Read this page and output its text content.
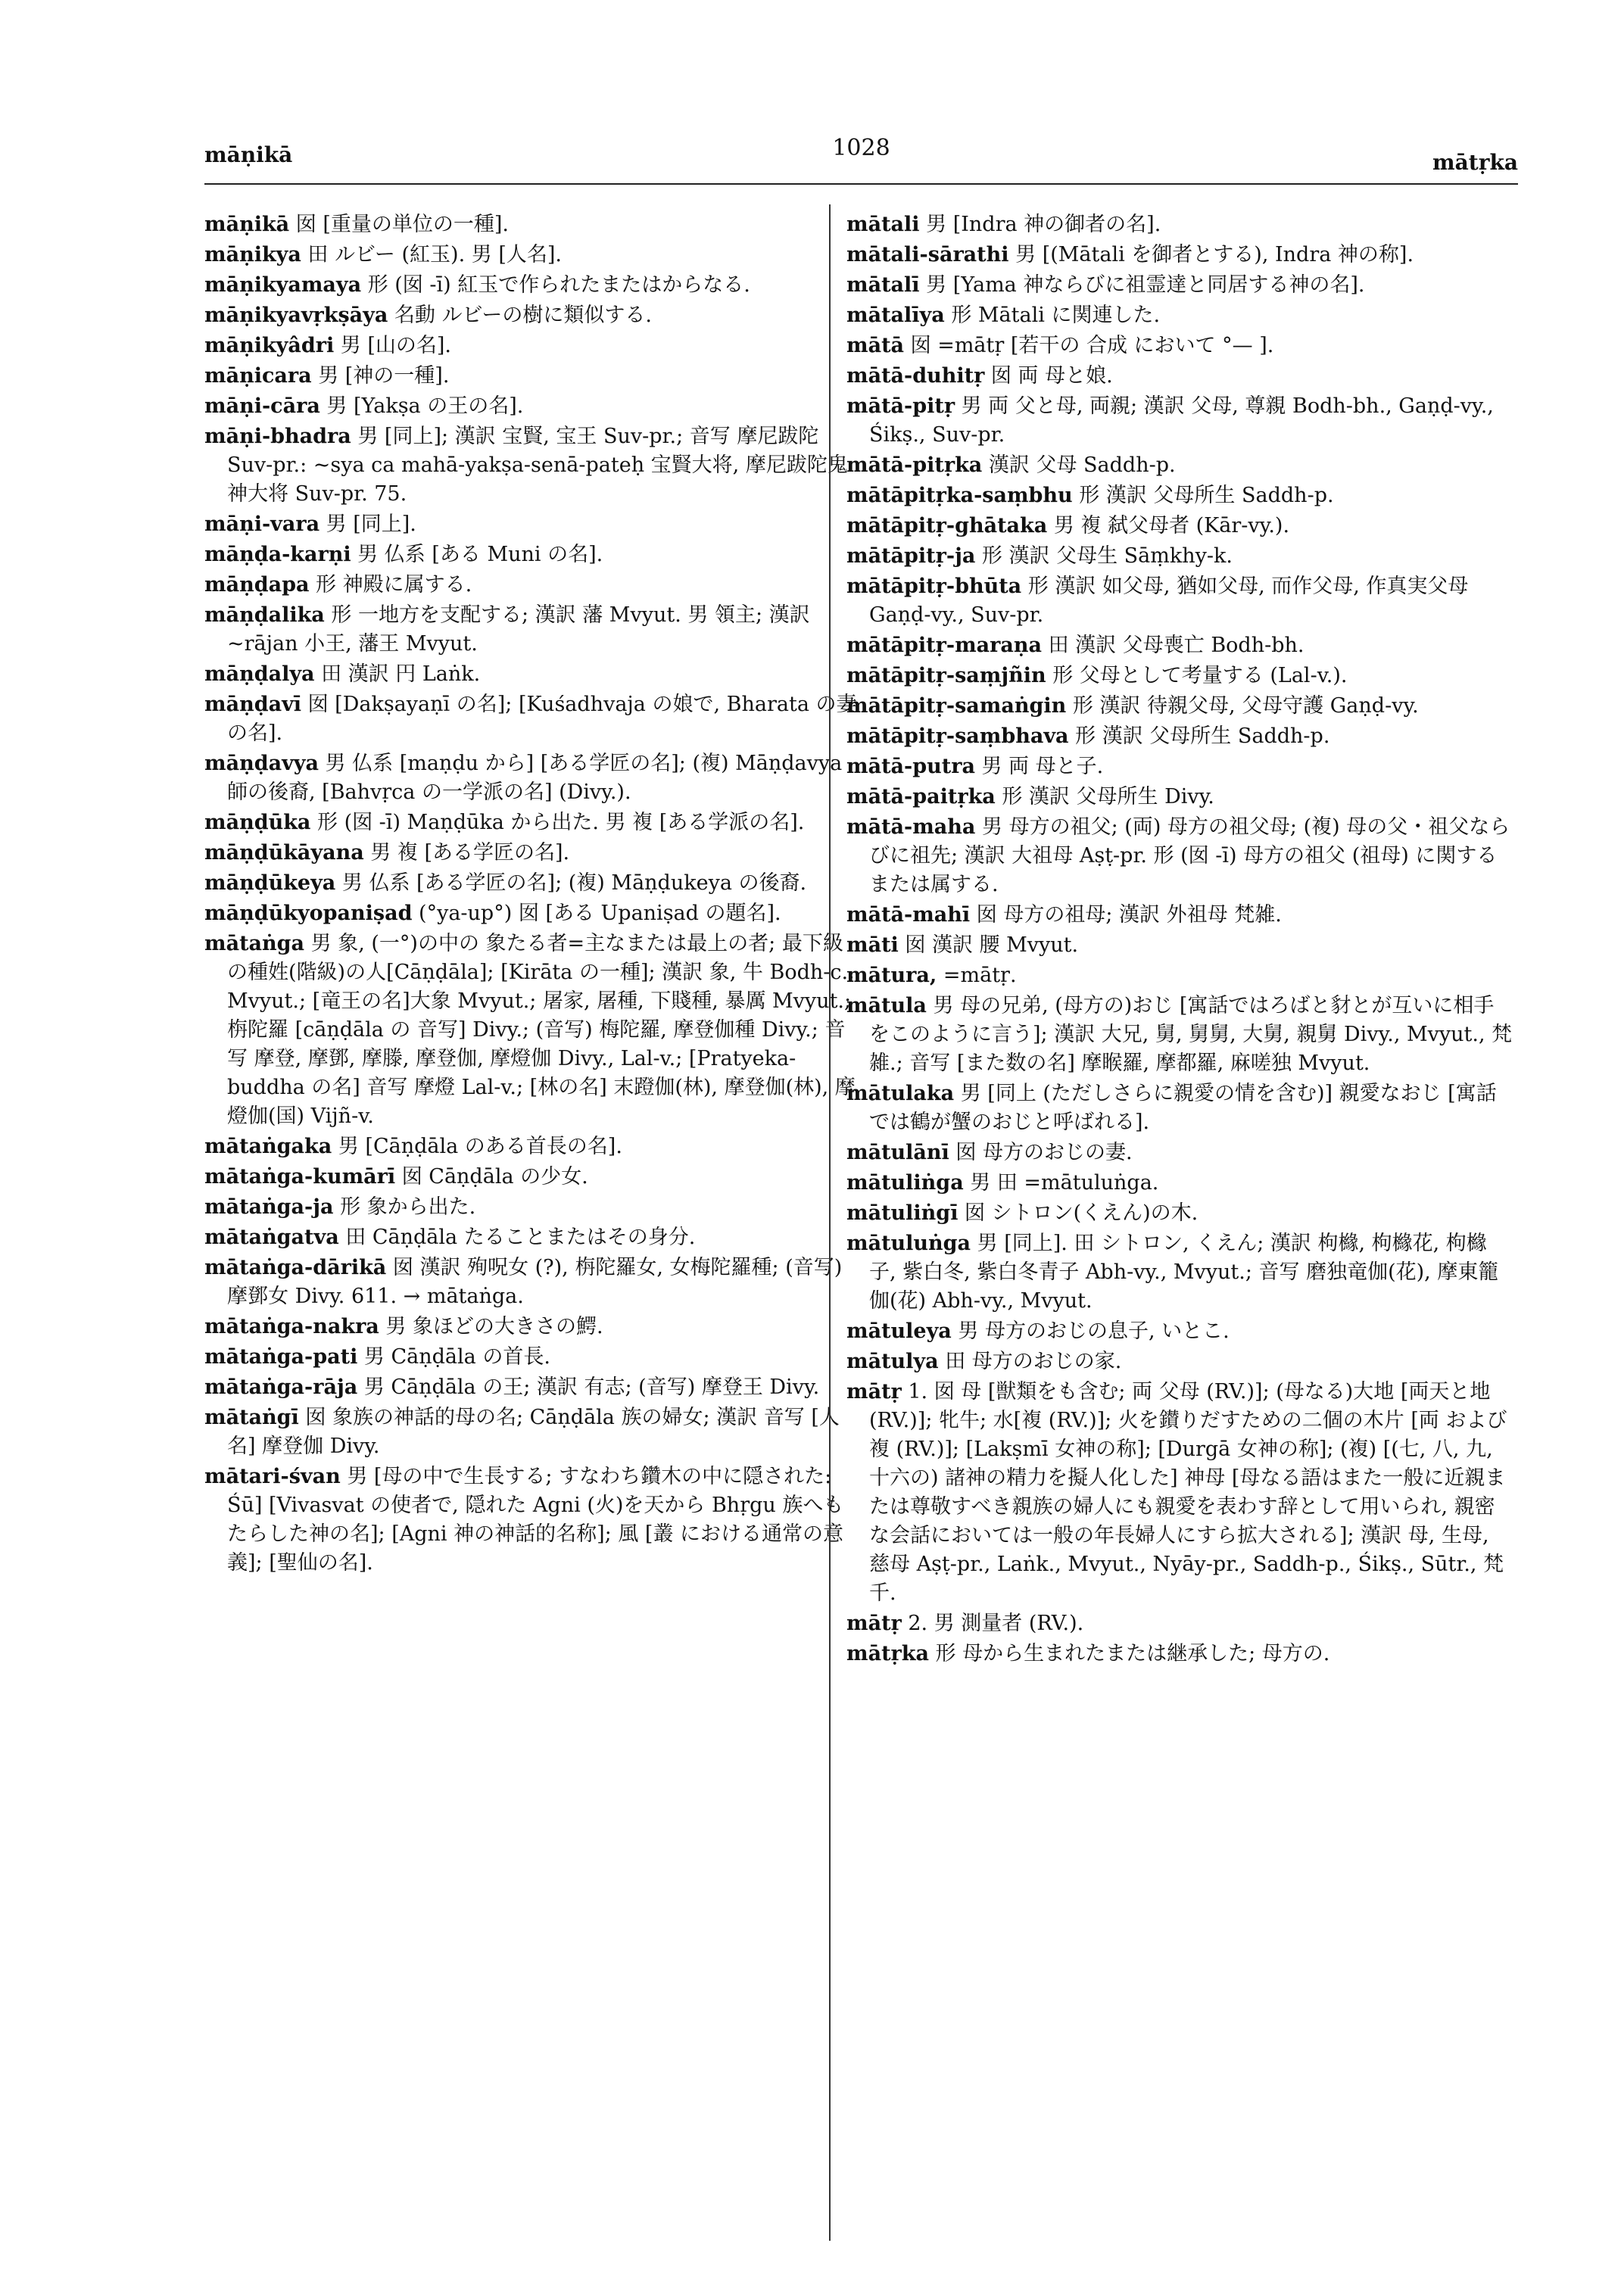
māṇikā	1028
mātṛka
māṇikā 囡 [重量の単位の一種].
māṇikya 田 ルビー (紅玉). 男 [人名].
māṇikyamaya 形 (囡 -ī) 紅玉で作られたまたはからなる.
māṇikyavṛkṣāya 名動 ルビーの樹に類似する.
māṇikyâdri 男 [山の名].
māṇicara 男 [神の一種].
māṇi-cāra 男 [Yakṣa の王の名].
māṇi-bhadra 男 [同上]; 漢訳 宝賢, 宝王 Suv-pr.; 音写 摩尼跋陀 Suv-pr.: ~sya ca mahā-yakṣa-senā-pateḥ 宝賢大将, 摩尼跋陀鬼神大将 Suv-pr. 75.
māṇi-vara 男 [同上].
māṇḍa-karṇi 男 仏系 [ある Muni の名].
māṇḍapa 形 神殿に属する.
māṇḍalika 形 一地方を支配する; 漢訳 藩 Mvyut. 男 領主; 漢訳 ~rājan 小王, 藩王 Mvyut.
māṇḍalya 田 漢訳 円 Laṅk.
māṇḍavī 囡 [Dakṣayaṇī の名]; [Kuśadhvaja の娘で, Bharata の妻の名].
māṇḍavya 男 仏系 [maṇḍu から] [ある学匠の名]; (複) Māṇḍavya 師の後裔, [Bahvṛca の一学派の名] (Divy.).
māṇḍūka 形 (囡 -ī) Maṇḍūka から出た. 男 複 [ある学派の名].
māṇḍūkāyana 男 複 [ある学匠の名].
māṇḍūkeya 男 仏系 [ある学匠の名]; (複) Māṇḍukeya の後裔.
māṇḍūkyopaniṣad (°ya-up°) 囡 [ある Upaniṣad の題名].
mātaṅga 男 象, (一°)の中の 象たる者=主なまたは最上の者; 最下級の種姓(階級)の人[Cāṇḍāla]; [Kirāta の一種]; 漢訳 象, 牛 Bodh-c., Mvyut.; [竜王の名]大象 Mvyut.; 屠家, 屠種, 下賤種, 暴厲 Mvyut.; 栴陀羅 [cāṇḍāla の 音写] Divy.; (音写) 梅陀羅, 摩登伽種 Divy.; 音写 摩登, 摩鄧, 摩滕, 摩登伽, 摩燈伽 Divy., Lal-v.; [Pratyeka-buddha の名] 音写 摩燈 Lal-v.; [林の名] 末蹬伽(林), 摩登伽(林), 摩燈伽(国) Vijñ-v.
mātaṅgaka 男 [Cāṇḍāla のある首長の名].
mātaṅga-kumārī 囡 Cāṇḍāla の少女.
mātaṅga-ja 形 象から出た.
mātaṅgatva 田 Cāṇḍāla たることまたはその身分.
mātaṅga-dārikā 囡 漢訳 殉呪女 (?), 栴陀羅女, 女梅陀羅種; (音写) 摩鄧女 Divy. 611. → mātaṅga.
mātaṅga-nakra 男 象ほどの大きさの鰐.
mātaṅga-pati 男 Cāṇḍāla の首長.
mātaṅga-rāja 男 Cāṇḍāla の王; 漢訳 有志; (音写) 摩登王 Divy.
mātaṅgī 囡 象族の神話的母の名; Cāṇḍāla 族の婦女; 漢訳 音写 [人名] 摩登伽 Divy.
mātari-śvan 男 [母の中で生長する; すなわち鑽木の中に隠された: Śū] [Vivasvat の使者で, 隠れた Agni (火)を天から Bhṛgu 族へもたらした神の名]; [Agni 神の神話的名称]; 風 [叢 における通常の意義]; [聖仙の名].
mātali 男 [Indra 神の御者の名].
mātali-sārathi 男 [(Mātali を御者とする), Indra 神の称].
mātalī 男 [Yama 神ならびに祖霊達と同居する神の名].
mātalīya 形 Mātali に関連した.
mātā 囡 =mātṛ [若干の 合成 において °— ].
mātā-duhitṛ 囡 両 母と娘.
mātā-pitṛ 男 両 父と母, 両親; 漢訳 父母, 尊親 Bodh-bh., Gaṇḍ-vy., Śikṣ., Suv-pr.
mātā-pitṛka 漢訳 父母 Saddh-p.
mātāpitṛka-saṃbhu 形 漢訳 父母所生 Saddh-p.
mātāpitṛ-ghātaka 男 複 弑父母者 (Kār-vy.).
mātāpitṛ-ja 形 漢訳 父母生 Sāṃkhy-k.
mātāpitṛ-bhūta 形 漢訳 如父母, 猶如父母, 而作父母, 作真実父母 Gaṇḍ-vy., Suv-pr.
mātāpitṛ-maraṇa 田 漢訳 父母喪亡 Bodh-bh.
mātāpitṛ-saṃjñin 形 父母として考量する (Lal-v.).
mātāpitṛ-samaṅgin 形 漢訳 待親父母, 父母守護 Gaṇḍ-vy.
mātāpitṛ-saṃbhava 形 漢訳 父母所生 Saddh-p.
mātā-putra 男 両 母と子.
mātā-paitṛka 形 漢訳 父母所生 Divy.
mātā-maha 男 母方の祖父; (両) 母方の祖父母; (複) 母の父・祖父ならびに祖先; 漢訳 大祖母 Aṣṭ-pr. 形 (囡 -ī) 母方の祖父 (祖母) に関するまたは属する.
mātā-mahī 囡 母方の祖母; 漢訳 外祖母 梵雑.
māti 囡 漢訳 腰 Mvyut.
mātura, =mātṛ.
mātula 男 母の兄弟, (母方の)おじ [寓話ではろばと豺とが互いに相手をこのように言う]; 漢訳 大兄, 舅, 舅舅, 大舅, 親舅 Divy., Mvyut., 梵雑.; 音写 [また数の名] 摩睺羅, 摩都羅, 麻嗟独 Mvyut.
mātulaka 男 [同上 (ただしさらに親愛の情を含む)] 親愛なおじ [寓話では鶴が蟹のおじと呼ばれる].
mātulānī 囡 母方のおじの妻.
mātuliṅga 男 田 =mātuluṅga.
mātuliṅgī 囡 シトロン(くえん)の木.
mātuluṅga 男 [同上]. 田 シトロン, くえん; 漢訳 枸櫞, 枸櫞花, 枸櫞子, 紫白冬, 紫白冬青子 Abh-vy., Mvyut.; 音写 磨独竜伽(花), 摩東籠伽(花) Abh-vy., Mvyut.
mātuleya 男 母方のおじの息子, いとこ.
mātulya 田 母方のおじの家.
mātṛ 1. 囡 母 [獣類をも含む; 両 父母 (RV.)]; (母なる)大地 [両天と地 (RV.)]; 牝牛; 水[複 (RV.)]; 火を鑚りだすための二個の木片 [両 および 複 (RV.)]; [Lakṣmī 女神の称]; [Durgā 女神の称]; (複) [(七, 八, 九, 十六の) 諸神の精力を擬人化した] 神母 [母なる語はまた一般に近親または尊敬すべき親族の婦人にも親愛を表わす辞として用いられ, 親密な会話においては一般の年長婦人にすら拡大される]; 漢訳 母, 生母, 慈母 Aṣṭ-pr., Laṅk., Mvyut., Nyāy-pr., Saddh-p., Śikṣ., Sūtr., 梵千.
mātṛ 2. 男 測量者 (RV.).
mātṛka 形 母から生まれたまたは継承した; 母方の.
